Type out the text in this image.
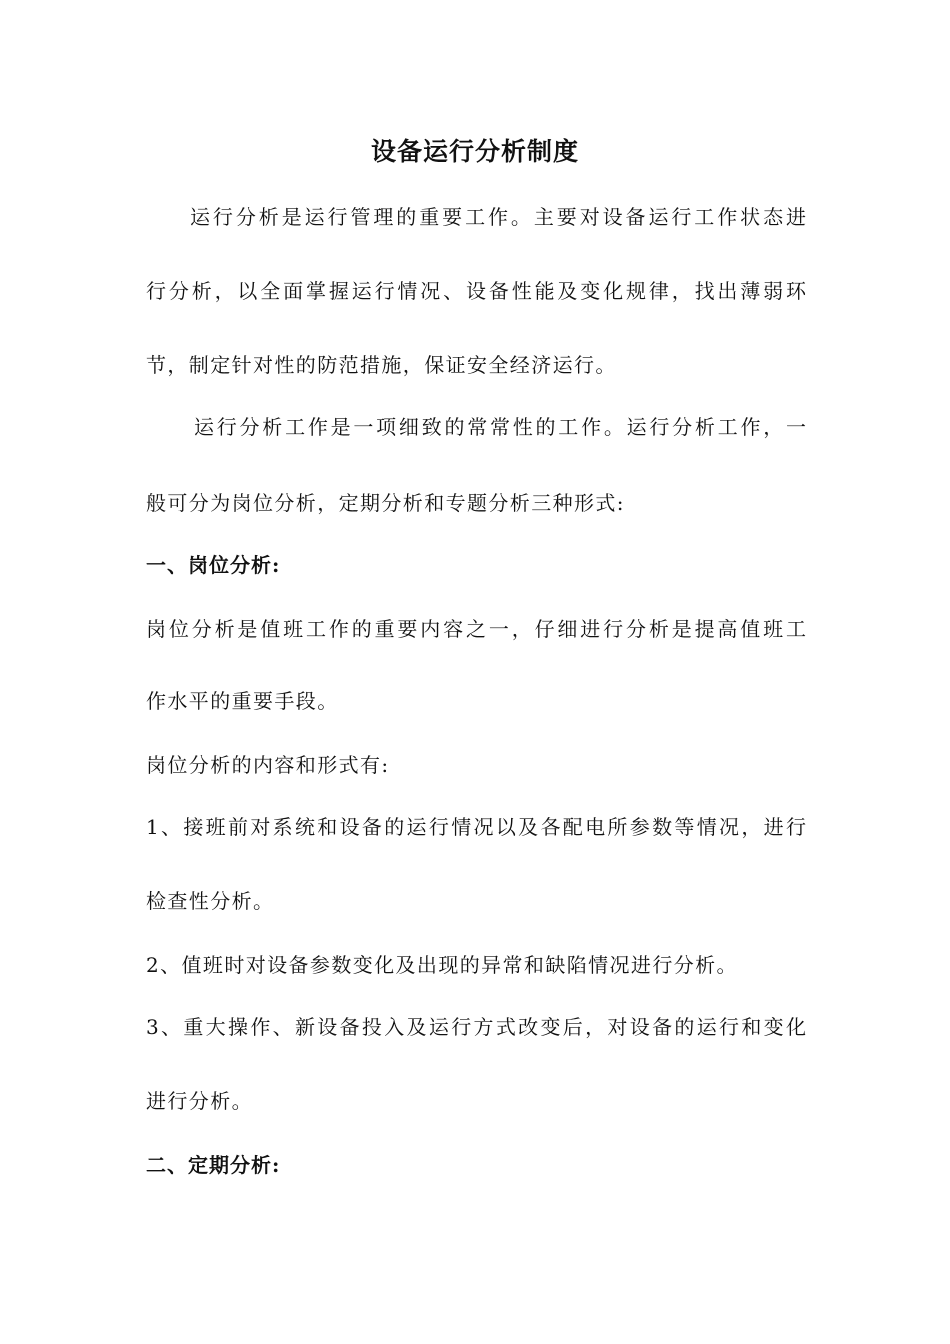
设备运行分析制度
运行分析是运行管理的重要工作。主要对设备运行工作状态进
行分析，以全面掌握运行情况、设备性能及变化规律，找出薄弱环
节，制定针对性的防范措施，保证安全经济运行。
运行分析工作是一项细致的常常性的工作。运行分析工作，一
般可分为岗位分析，定期分析和专题分析三种形式:
一、岗位分析:
岗位分析是值班工作的重要内容之一，仔细进行分析是提高值班工
作水平的重要手段。
岗位分析的内容和形式有:
1、接班前对系统和设备的运行情况以及各配电所参数等情况，进行
检查性分析。
2、值班时对设备参数变化及出现的异常和缺陷情况进行分析。
3、重大操作、新设备投入及运行方式改变后，对设备的运行和变化
进行分析。
二、定期分析:
